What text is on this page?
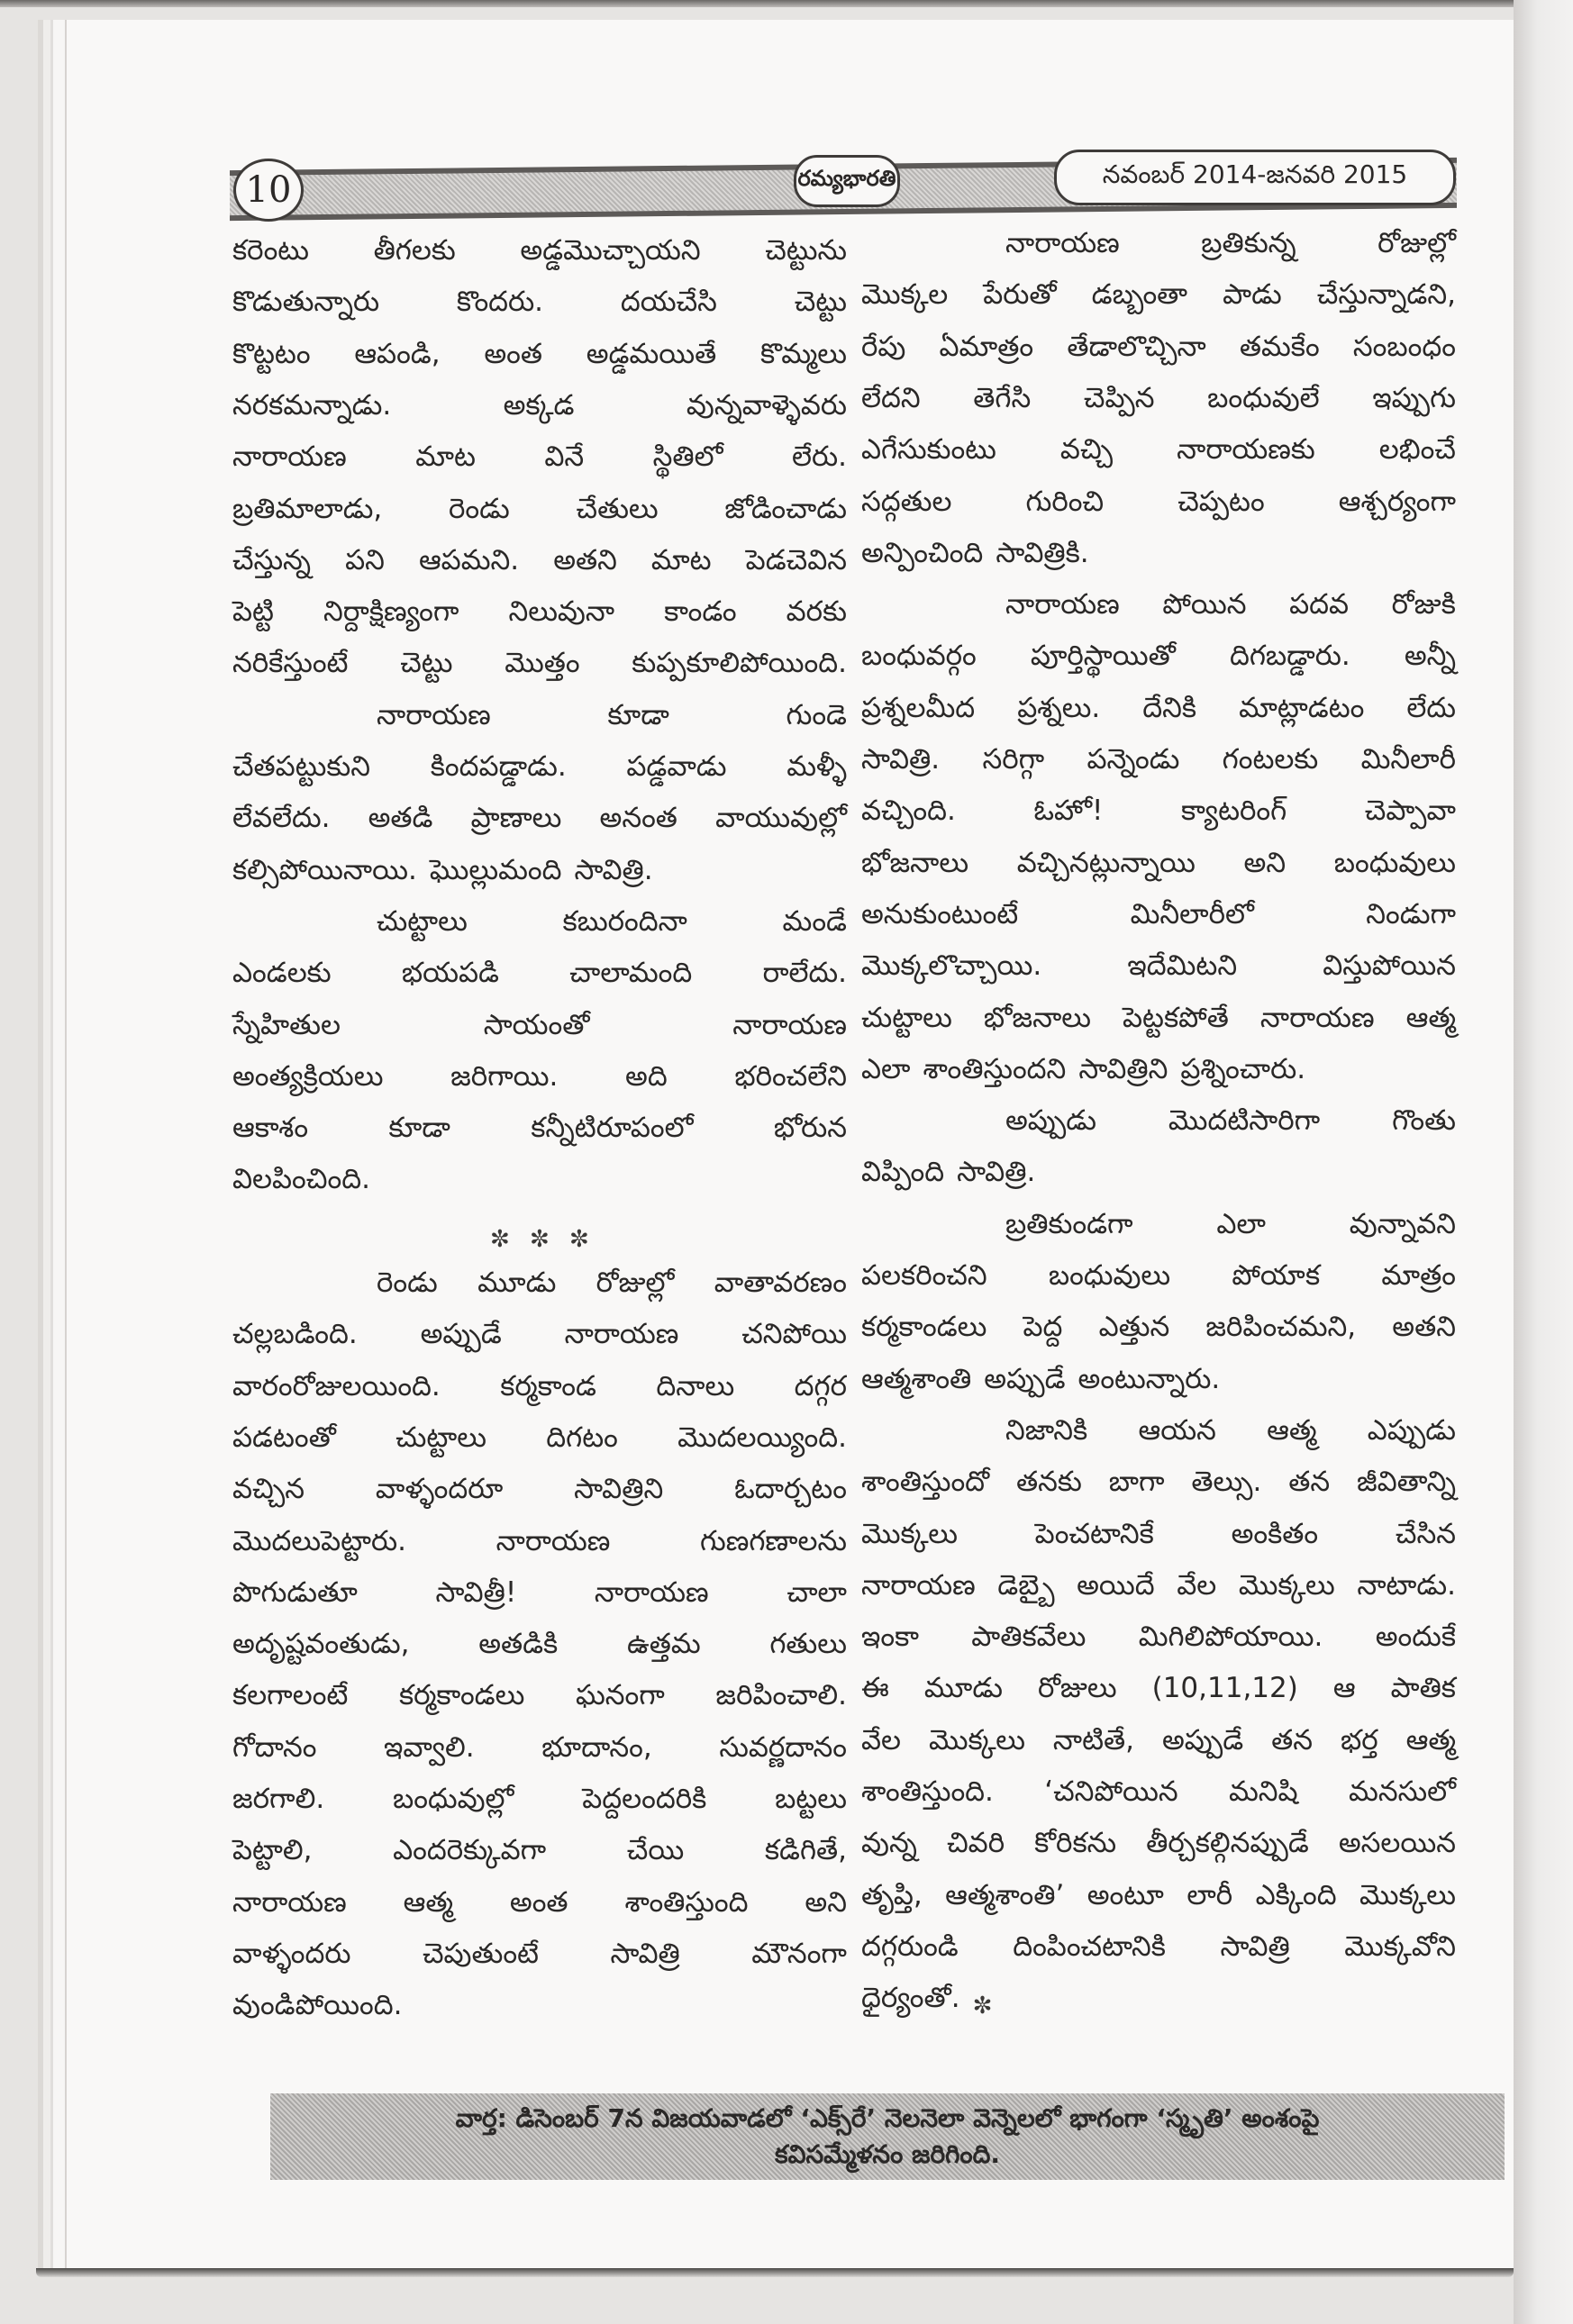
10	రమ్యభారతి	నవంబర్ 2014-జనవరి 2015
కరెంటు తీగలకు అడ్డమొచ్చాయని చెట్టును
కొడుతున్నారు	కొందరు.	దయచేసి	చెట్టు
కొట్టటం ఆపండి, అంత అడ్డమయితే కొమ్మలు
నరకమన్నాడు.	అక్కడ	వున్నవాళ్ళెవరు
నారాయణ మాట వినే స్థితిలో లేరు.
బ్రతిమాలాడు, రెండు చేతులు జోడించాడు
చేస్తున్న పని ఆపమని. అతని మాట పెడచెవిన
పెట్టి నిర్దాక్షిణ్యంగా నిలువునా కాండం వరకు
నరికేస్తుంటే చెట్టు మొత్తం కుప్పకూలిపోయింది.
నారాయణ	కూడా	గుండె
చేతపట్టుకుని కిందపడ్డాడు. పడ్డవాడు మళ్ళీ
లేవలేదు. అతడి ప్రాణాలు అనంత వాయువుల్లో
కల్సిపోయినాయి. ఘొల్లుమంది సావిత్రి.
చుట్టాలు	కబురందినా	మండే
ఎండలకు	భయపడి	చాలామంది	రాలేదు.
స్నేహితుల	సాయంతో	నారాయణ
అంత్యక్రియలు జరిగాయి. అది భరించలేని
ఆకాశం	కూడా	కన్నీటిరూపంలో	భోరున
విలపించింది.
✼
✼
✼
రెండు మూడు రోజుల్లో వాతావరణం
చల్లబడింది. అప్పుడే నారాయణ చనిపోయి
వారంరోజులయింది. కర్మకాండ దినాలు దగ్గర
పడటంతో చుట్టాలు దిగటం మొదలయ్యింది.
వచ్చిన	వాళ్ళందరూ	సావిత్రిని	ఓదార్చటం
మొదలుపెట్టారు.	నారాయణ	గుణగణాలను
పొగుడుతూ	సావిత్రీ!	నారాయణ	చాలా
అదృష్టవంతుడు, అతడికి ఉత్తమ గతులు
కలగాలంటే కర్మకాండలు ఘనంగా జరిపించాలి.
గోదానం ఇవ్వాలి. భూదానం, సువర్ణదానం
జరగాలి. బంధువుల్లో పెద్దలందరికి బట్టలు
పెట్టాలి,	ఎందరెక్కువగా	చేయి	కడిగితే,
నారాయణ ఆత్మ అంత శాంతిస్తుంది అని
వాళ్ళందరు	చెపుతుంటే	సావిత్రి	మౌనంగా
వుండిపోయింది.
నారాయణ	బ్రతికున్న	రోజుల్లో
మొక్కల పేరుతో డబ్బంతా పాడు చేస్తున్నాడని,
రేపు ఏమాత్రం తేడాలొచ్చినా తమకేం సంబంధం
లేదని తెగేసి చెప్పిన బంధువులే ఇప్పుగు
ఎగేసుకుంటు వచ్చి నారాయణకు లభించే
సద్గతుల	గురించి	చెప్పటం	ఆశ్చర్యంగా
అన్పించింది సావిత్రికి.
నారాయణ పోయిన పదవ రోజుకి
బంధువర్గం పూర్తిస్థాయితో దిగబడ్డారు. అన్నీ
ప్రశ్నలమీద ప్రశ్నలు. దేనికి మాట్లాడటం లేదు
సావిత్రి. సరిగ్గా పన్నెండు గంటలకు మినీలారీ
వచ్చింది.	ఓహో!	క్యాటరింగ్	చెప్పావా
భోజనాలు వచ్చినట్లున్నాయి అని బంధువులు
అనుకుంటుంటే	మినీలారీలో	నిండుగా
మొక్కలొచ్చాయి.	ఇదేమిటని	విస్తుపోయిన
చుట్టాలు భోజనాలు పెట్టకపోతే నారాయణ ఆత్మ
ఎలా శాంతిస్తుందని సావిత్రిని ప్రశ్నించారు.
అప్పుడు	మొదటిసారిగా	గొంతు
విప్పింది సావిత్రి.
బ్రతికుండగా	ఎలా	వున్నావని
పలకరించని బంధువులు పోయాక మాత్రం
కర్మకాండలు పెద్ద ఎత్తున జరిపించమని, అతని
ఆత్మశాంతి అప్పుడే అంటున్నారు.
నిజానికి ఆయన ఆత్మ ఎప్పుడు
శాంతిస్తుందో తనకు బాగా తెల్సు. తన జీవితాన్ని
మొక్కలు	పెంచటానికే	అంకితం	చేసిన
నారాయణ డెబ్బై అయిదే వేల మొక్కలు నాటాడు.
ఇంకా పాతికవేలు మిగిలిపోయాయి. అందుకే
ఈ మూడు రోజులు (10,11,12) ఆ పాతిక
వేల మొక్కలు నాటితే, అప్పుడే తన భర్త ఆత్మ
శాంతిస్తుంది. ‘చనిపోయిన మనిషి మనసులో
వున్న చివరి కోరికను తీర్చకల్గినప్పుడే అసలయిన
తృప్తి, ఆత్మశాంతి’ అంటూ లారీ ఎక్కింది మొక్కలు
దగ్గరుండి దింపించటానికి సావిత్రి మొక్కవోని
ధైర్యంతో.
✼
వార్త: డిసెంబర్ 7న విజయవాడలో ‘ఎక్స్‌రే’ నెలనెలా వెన్నెలలో భాగంగా ‘స్మృతి’ అంశంపై
కవిసమ్మేళనం జరిగింది.
